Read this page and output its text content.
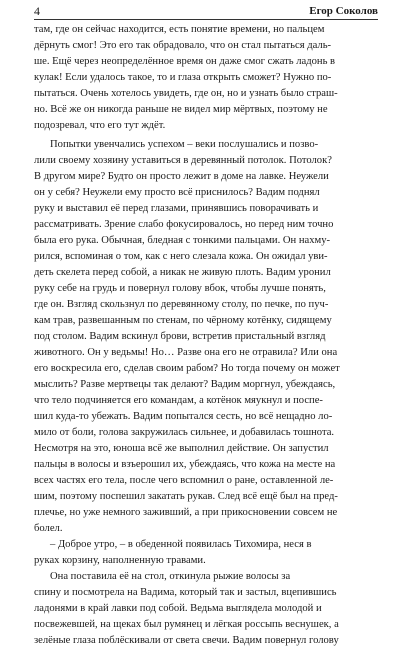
4	Егор Соколов
там, где он сейчас находится, есть понятие времени, но пальцем
дёрнуть смог! Это его так обрадовало, что он стал пытаться даль-
ше. Ещё через неопределённое время он даже смог сжать ладонь в
кулак! Если удалось такое, то и глаза открыть сможет? Нужно по-
пытаться. Очень хотелось увидеть, где он, но и узнать было страш-
но. Всё же он никогда раньше не видел мир мёртвых, поэтому не
подозревал, что его тут ждёт.
Попытки увенчались успехом – веки послушались и позво-
лили своему хозяину уставиться в деревянный потолок. Потолок?
В другом мире? Будто он просто лежит в доме на лавке. Неужели
он у себя? Неужели ему просто всё приснилось? Вадим поднял
руку и выставил её перед глазами, принявшись поворачивать и
рассматривать. Зрение слабо фокусировалось, но перед ним точно
была его рука. Обычная, бледная с тонкими пальцами. Он нахму-
рился, вспоминая о том, как с него слезала кожа. Он ожидал уви-
деть скелета перед собой, а никак не живую плоть. Вадим уронил
руку себе на грудь и повернул голову вбок, чтобы лучше понять,
где он. Взгляд скользнул по деревянному столу, по печке, по пуч-
кам трав, развешанным по стенам, по чёрному котёнку, сидящему
под столом. Вадим вскинул брови, встретив пристальный взгляд
животного. Он у ведьмы! Но… Разве она его не отравила? Или она
его воскресила его, сделав своим рабом? Но тогда почему он может
мыслить? Разве мертвецы так делают? Вадим моргнул, убеждаясь,
что тело подчиняется его командам, а котёнок мяукнул и поспе-
шил куда-то убежать. Вадим попытался сесть, но всё нещадно ло-
мило от боли, голова закружилась сильнее, и добавилась тошнота.
Несмотря на это, юноша всё же выполнил действие. Он запустил
пальцы в волосы и взъерошил их, убеждаясь, что кожа на месте на
всех частях его тела, после чего вспомнил о ране, оставленной ле-
шим, поэтому поспешил закатать рукав. След всё ещё был на пред-
плечье, но уже немного заживший, а при прикосновении совсем не
болел.
– Доброе утро, – в обеденной появилась Тихомира, неся в
руках корзину, наполненную травами.
Она поставила её на стол, откинула рыжие волосы за
спину и посмотрела на Вадима, который так и застыл, вцепившись
ладонями в край лавки под собой. Ведьма выглядела молодой и
посвежевшей, на щеках был румянец и лёгкая россыпь веснушек, а
зелёные глаза поблёскивали от света свечи. Вадим повернул голову
